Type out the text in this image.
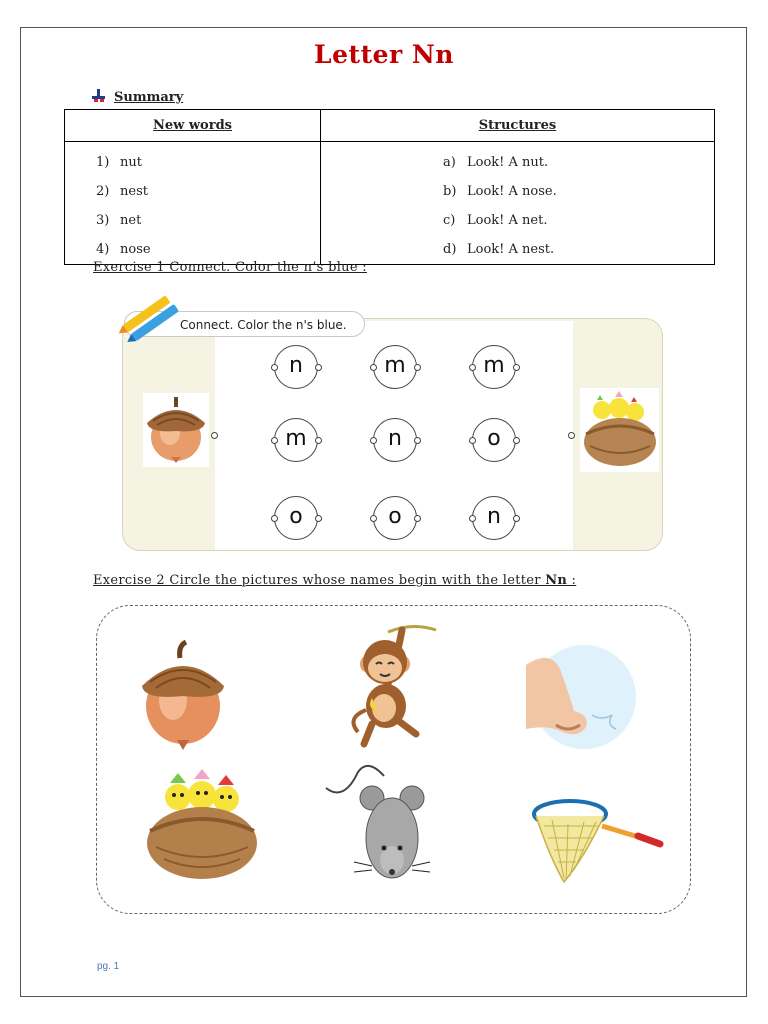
Letter Nn
Summary
New words	Structures
1) nut	a) Look! A nut.
2) nest	b) Look! A nose.
3) net	c) Look! A net.
4) nose	d) Look! A nest.
Exercise 1 Connect. Color the n’s blue :
Connect. Color the n's blue.
n	m	m
m	n	o
o	o	n
Exercise 2 Circle the pictures whose names begin with the letter Nn :
pg. 1
